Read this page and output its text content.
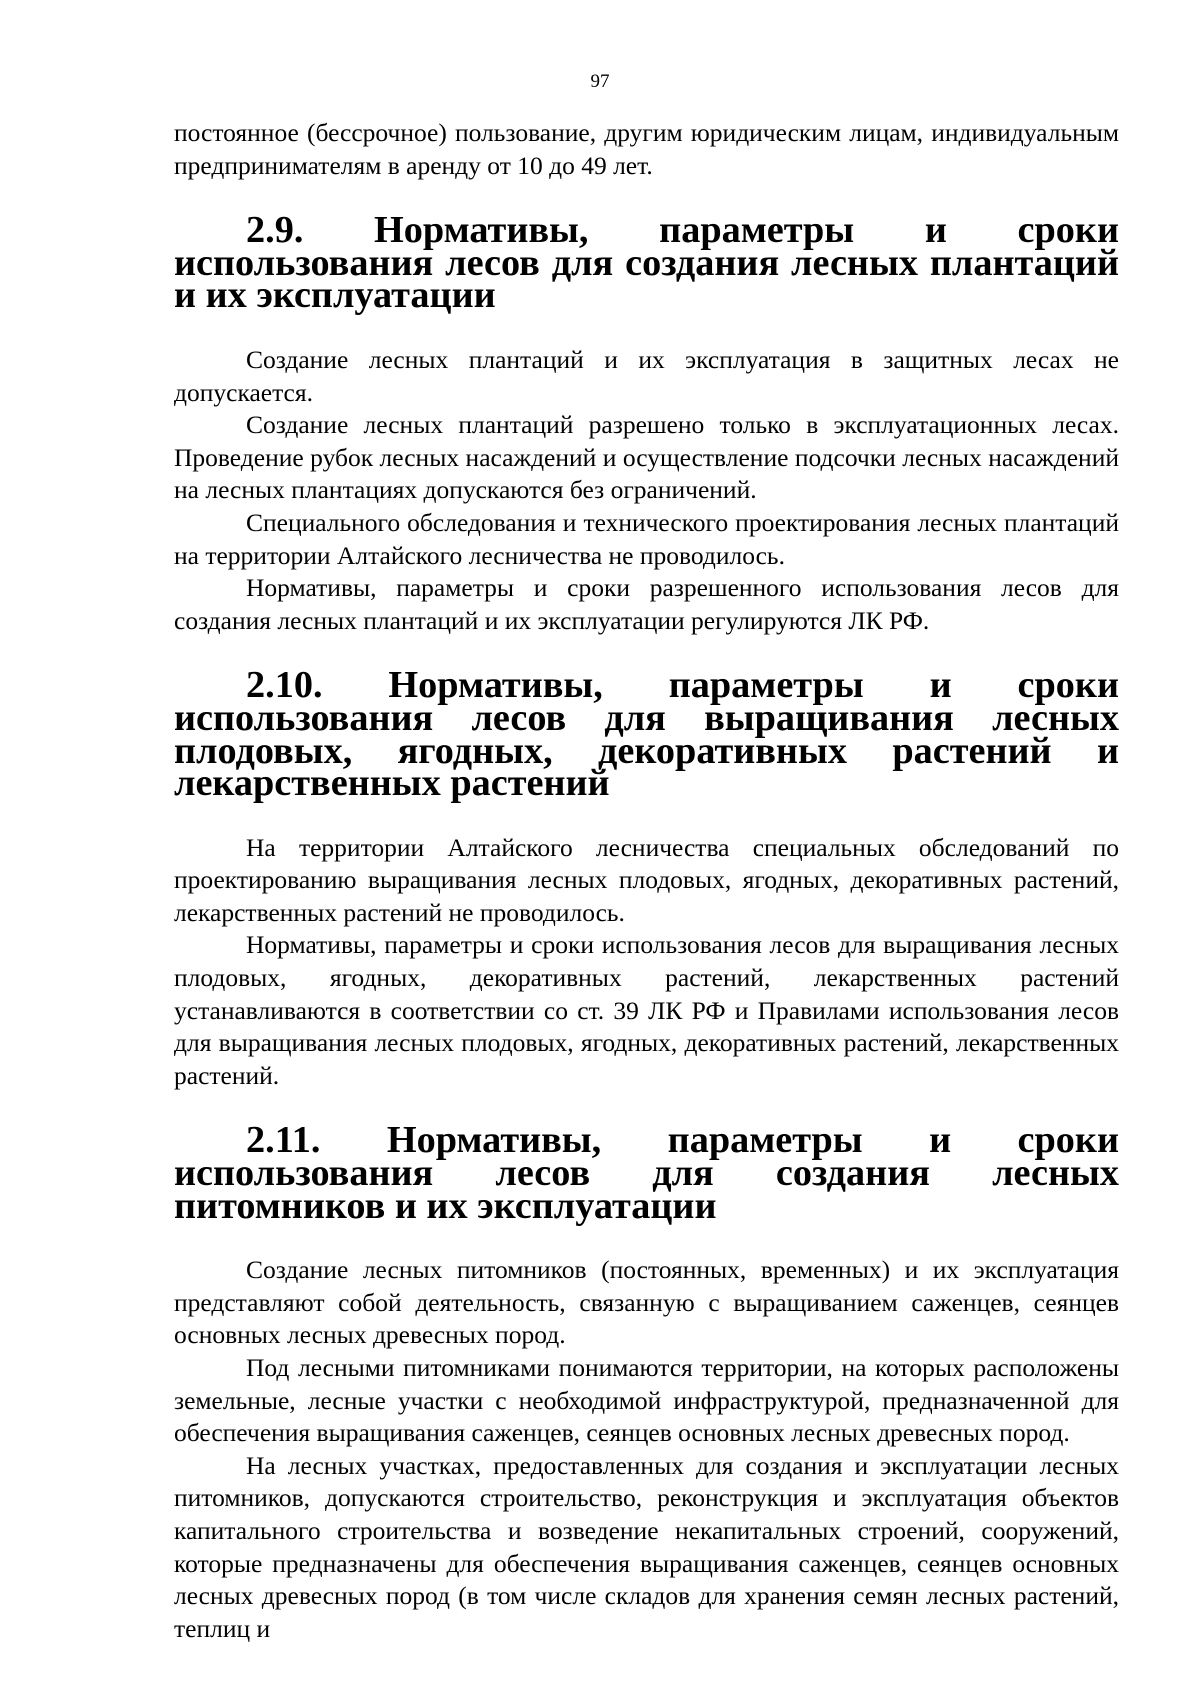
97

постоянное (бессрочное) пользование, другим юридическим лицам, индивидуальным предпринимателям в аренду от 10 до 49 лет.

2.9. Нормативы, параметры и сроки использования лесов для создания лесных плантаций и их эксплуатации

Создание лесных плантаций и их эксплуатация в защитных лесах не допускается.

Создание лесных плантаций разрешено только в эксплуатационных лесах. Проведение рубок лесных насаждений и осуществление подсочки лесных насаждений на лесных плантациях допускаются без ограничений.

Специального обследования и технического проектирования лесных плантаций на территории Алтайского лесничества не проводилось.

Нормативы, параметры и сроки разрешенного использования лесов для создания лесных плантаций и их эксплуатации регулируются ЛК РФ.

2.10. Нормативы, параметры и сроки использования лесов для выращивания лесных плодовых, ягодных, декоративных растений и лекарственных растений

На территории Алтайского лесничества специальных обследований по проектированию выращивания лесных плодовых, ягодных, декоративных растений, лекарственных растений не проводилось.

Нормативы, параметры и сроки использования лесов для выращивания лесных плодовых, ягодных, декоративных растений, лекарственных растений устанавливаются в соответствии со ст. 39 ЛК РФ и Правилами использования лесов для выращивания лесных плодовых, ягодных, декоративных растений, лекарственных растений.

2.11. Нормативы, параметры и сроки использования лесов для создания лесных питомников и их эксплуатации

Создание лесных питомников (постоянных, временных) и их эксплуатация представляют собой деятельность, связанную с выращиванием саженцев, сеянцев основных лесных древесных пород.

Под лесными питомниками понимаются территории, на которых расположены земельные, лесные участки с необходимой инфраструктурой, предназначенной для обеспечения выращивания саженцев, сеянцев основных лесных древесных пород.

На лесных участках, предоставленных для создания и эксплуатации лесных питомников, допускаются строительство, реконструкция и эксплуатация объектов капитального строительства и возведение некапитальных строений, сооружений, которые предназначены для обеспечения выращивания саженцев, сеянцев основных лесных древесных пород (в том числе складов для хранения семян лесных растений, теплиц и
